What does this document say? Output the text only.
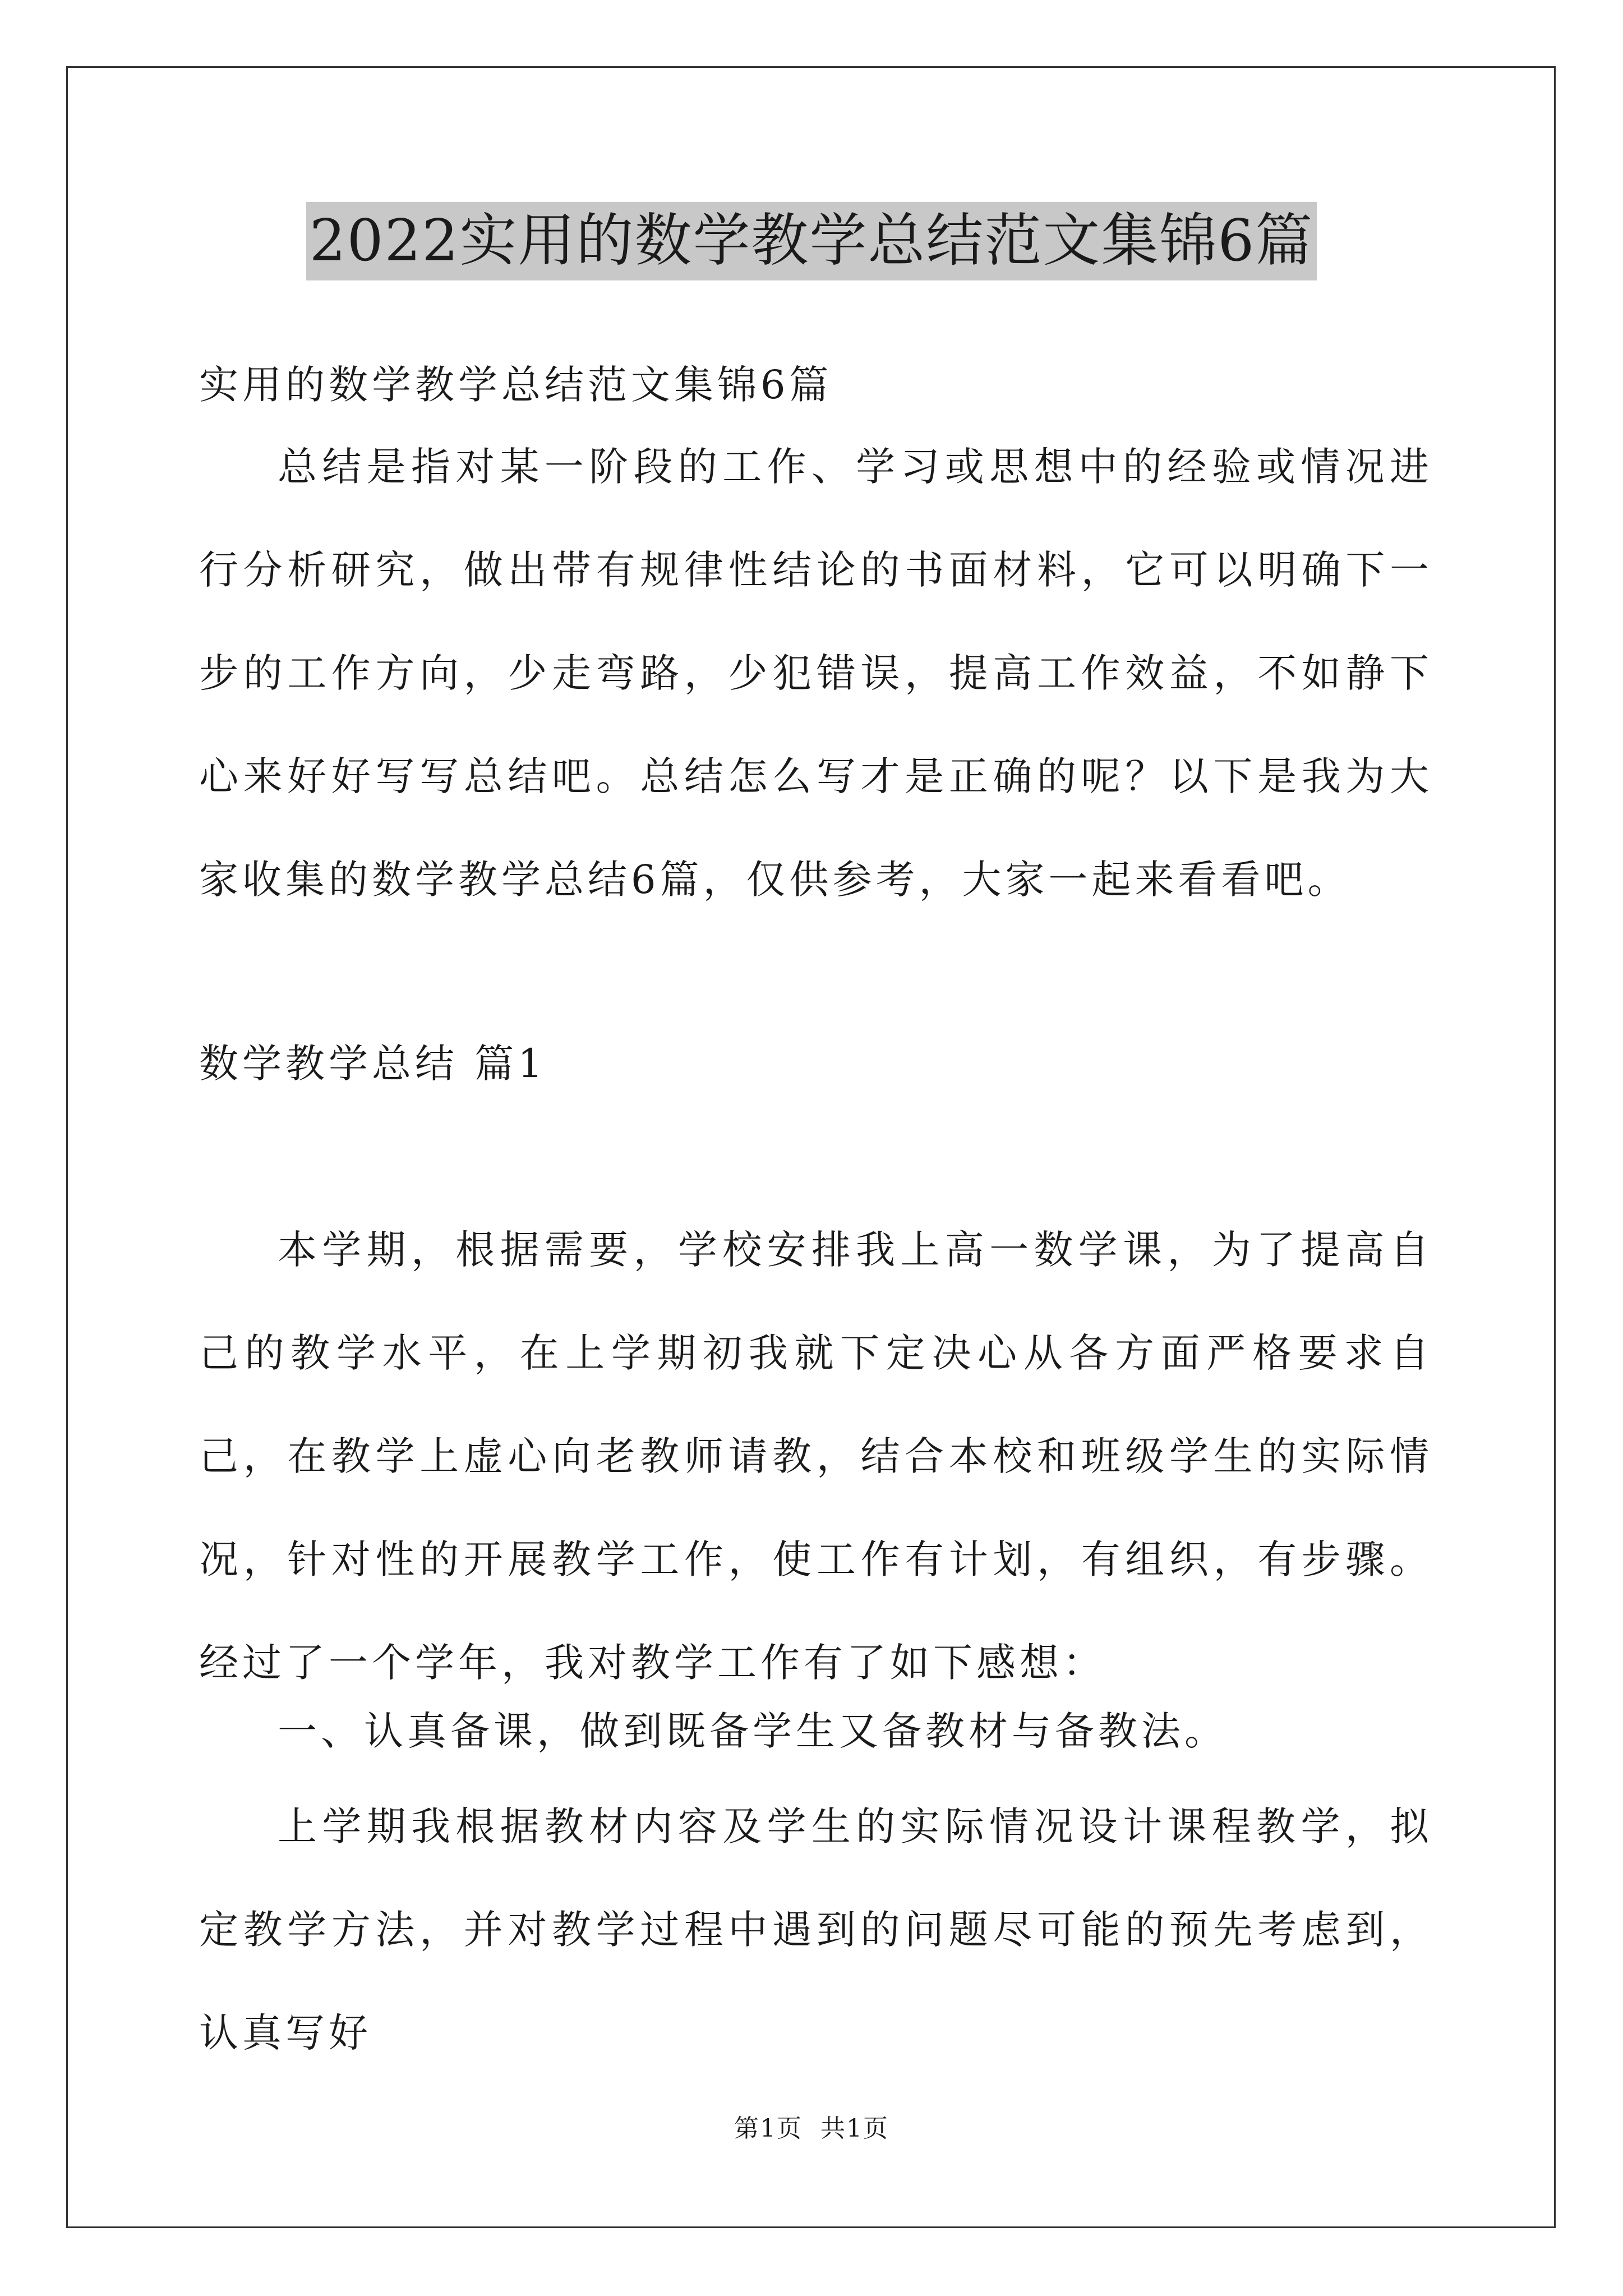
2022实用的数学教学总结范文集锦6篇

实用的数学教学总结范文集锦6篇

总结是指对某一阶段的工作、学习或思想中的经验或情况进行分析研究，做出带有规律性结论的书面材料，它可以明确下一步的工作方向，少走弯路，少犯错误，提高工作效益，不如静下心来好好写写总结吧。总结怎么写才是正确的呢？以下是我为大家收集的数学教学总结6篇，仅供参考，大家一起来看看吧。

数学教学总结 篇1

本学期，根据需要，学校安排我上高一数学课，为了提高自己的教学水平，在上学期初我就下定决心从各方面严格要求自己，在教学上虚心向老教师请教，结合本校和班级学生的实际情况，针对性的开展教学工作，使工作有计划，有组织，有步骤。经过了一个学年，我对教学工作有了如下感想：

一、认真备课，做到既备学生又备教材与备教法。

上学期我根据教材内容及学生的实际情况设计课程教学，拟定教学方法，并对教学过程中遇到的问题尽可能的预先考虑到，认真写好

第1页  共1页
